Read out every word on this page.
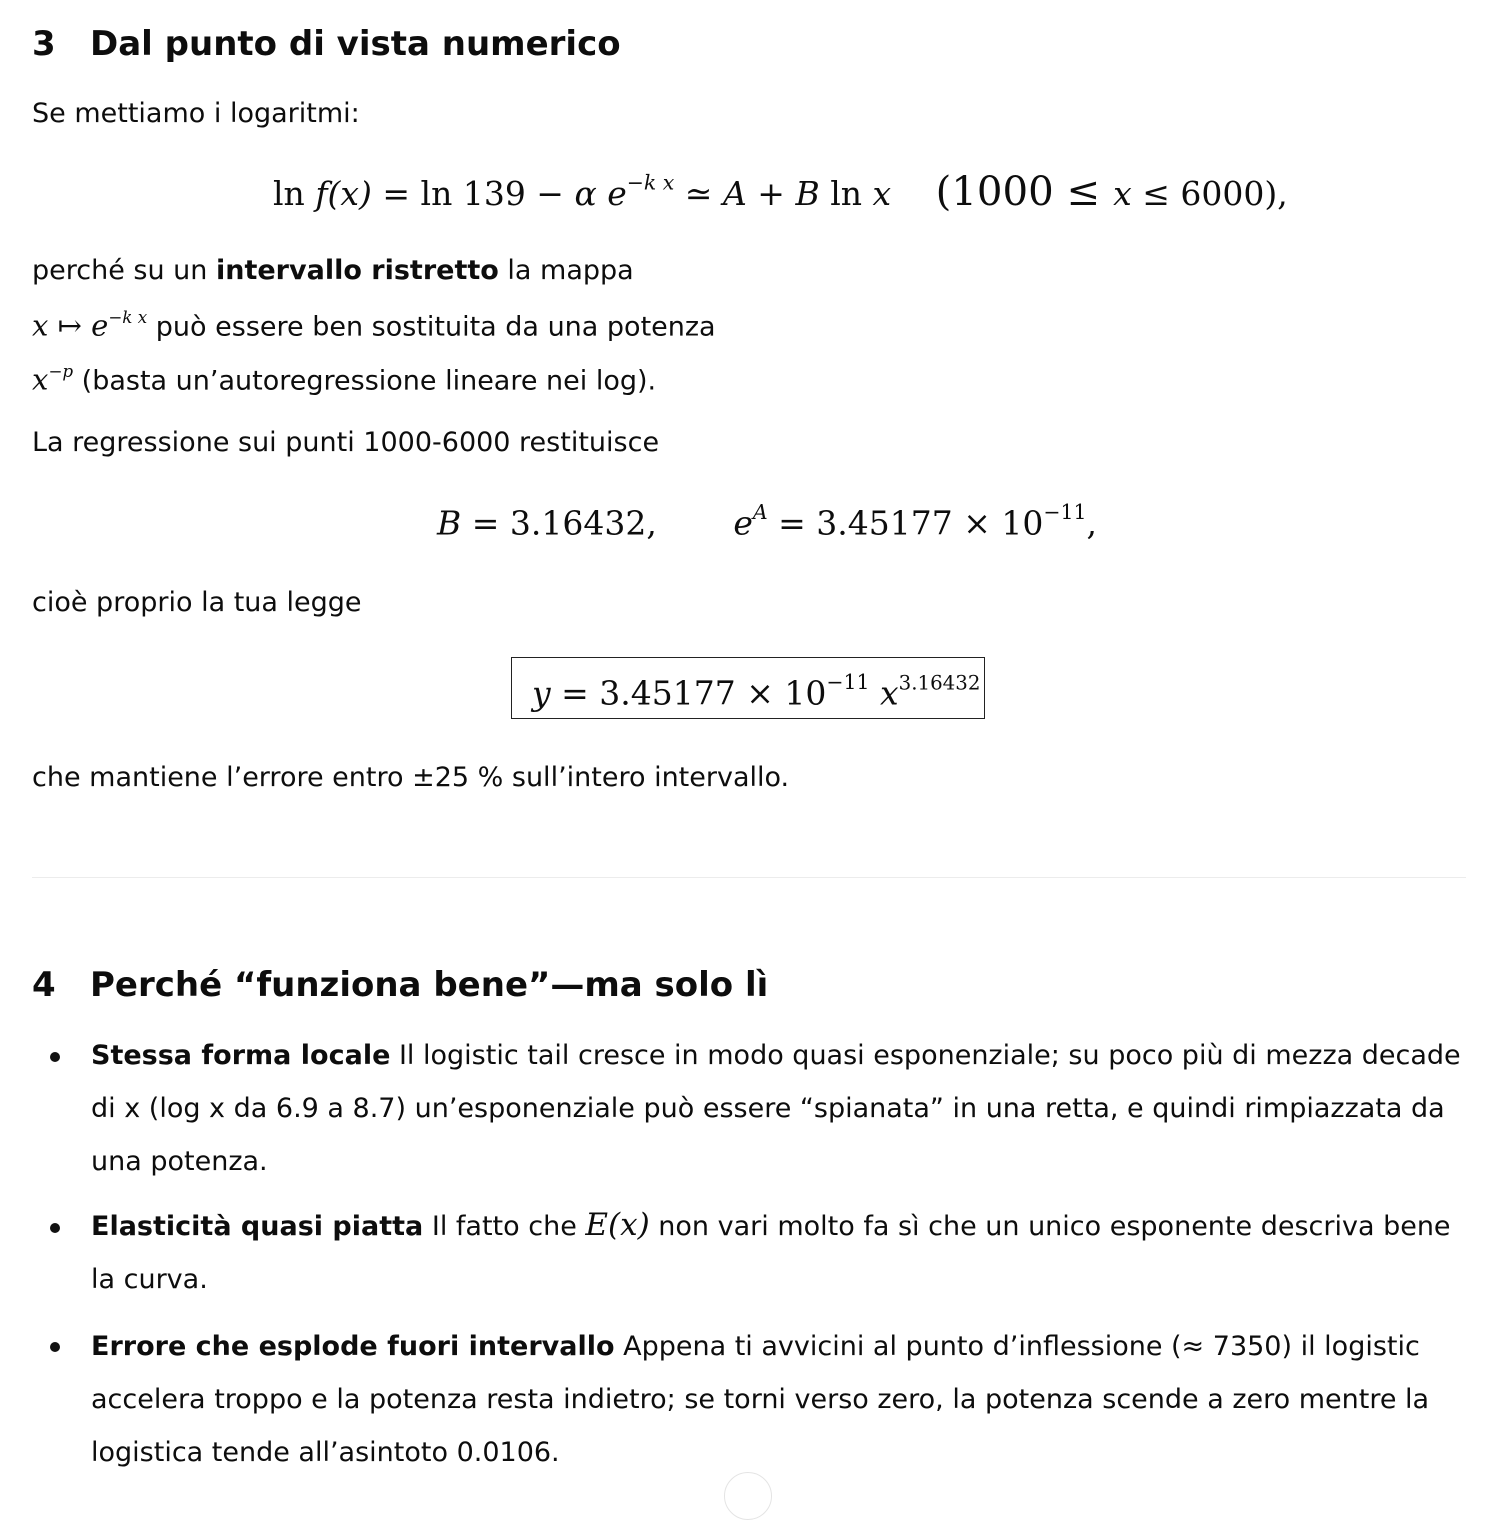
3 Dal punto di vista numerico
Se mettiamo i logaritmi:
ln f(x) = ln 139 − α $e^{-k x}$ ≃ A + B ln x (1000 ≤ x ≤ 6000),
perché su un intervallo ristretto la mappa
x ↦ $e^{-k x}$ può essere ben sostituita da una potenza
$x^{-p}$ (basta un’autoregressione lineare nei log).
La regressione sui punti 1000-6000 restituisce
B = 3.16432, $e^A = 3.45177 \times 10^{-11}$,
cioè proprio la tua legge
$y = 3.45177 \times 10^{-11}$ $x^{3.16432}$
che mantiene l’errore entro ±25 % sull’intero intervallo.
4 Perché “funziona bene”—ma solo lì
Stessa forma locale Il logistic tail cresce in modo quasi esponenziale; su poco più di mezza decade di x (log x da 6.9 a 8.7) un’esponenziale può essere “spianata” in una retta, e quindi rimpiazzata da una potenza.
Elasticità quasi piatta Il fatto che E(x) non vari molto fa sì che un unico esponente descriva bene la curva.
Errore che esplode fuori intervallo Appena ti avvicini al punto d’inflessione (≈ 7350) il logistic accelera troppo e la potenza resta indietro; se torni verso zero, la potenza scende a zero mentre la logistica tende all’asintoto 0.0106.
